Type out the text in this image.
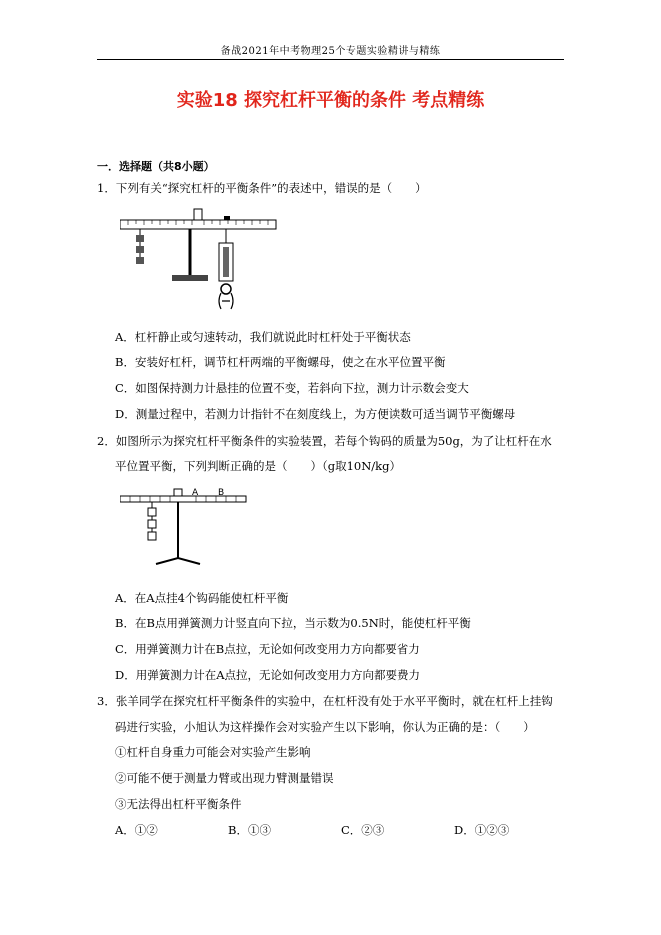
备战2021年中考物理25个专题实验精讲与精练
实验18 探究杠杆平衡的条件 考点精练
一．选择题（共8小题）
1．下列有关“探究杠杆的平衡条件”的表述中，错误的是（　　）
A．杠杆静止或匀速转动，我们就说此时杠杆处于平衡状态
B．安装好杠杆，调节杠杆两端的平衡螺母，使之在水平位置平衡
C．如图保持测力计悬挂的位置不变，若斜向下拉，测力计示数会变大
D．测量过程中，若测力计指针不在刻度线上，为方便读数可适当调节平衡螺母
2．如图所示为探究杠杆平衡条件的实验装置，若每个钩码的质量为50g，为了让杠杆在水
平位置平衡，下列判断正确的是（　　）（g取10N/kg）
A B
A．在A点挂4个钩码能使杠杆平衡
B．在B点用弹簧测力计竖直向下拉，当示数为0.5N时，能使杠杆平衡
C．用弹簧测力计在B点拉，无论如何改变用力方向都要省力
D．用弹簧测力计在A点拉，无论如何改变用力方向都要费力
3．张羊同学在探究杠杆平衡条件的实验中，在杠杆没有处于水平平衡时，就在杠杆上挂钩
码进行实验，小旭认为这样操作会对实验产生以下影响，你认为正确的是：（　　）
①杠杆自身重力可能会对实验产生影响
②可能不便于测量力臂或出现力臂测量错误
③无法得出杠杆平衡条件
A．①②	B．①③	C．②③	D．①②③
